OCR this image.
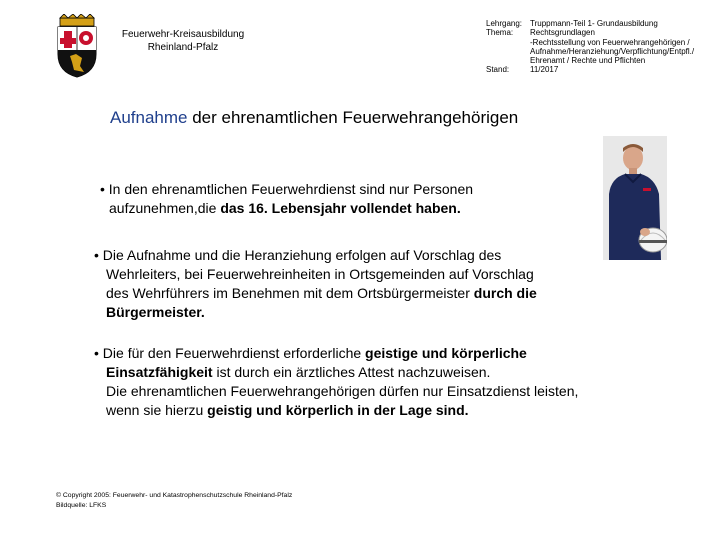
Feuerwehr-Kreisausbildung
Rheinland-Pfalz
Lehrgang: Truppmann-Teil 1- Grundausbildung
Thema:	Rechtsgrundlagen
-Rechtsstellung von Feuerwehrangehörigen /
Aufnahme/Heranziehung/Verpflichtung/Entpfl./
Ehrenamt / Rechte und Pflichten
Stand:	11/2017
Aufnahme der ehrenamtlichen Feuerwehrangehörigen
• In den ehrenamtlichen Feuerwehrdienst sind nur Personen
aufzunehmen,die das 16. Lebensjahr vollendet haben.
• Die Aufnahme und die Heranziehung erfolgen auf Vorschlag des
Wehrleiters, bei Feuerwehreinheiten in Ortsgemeinden auf Vorschlag
des Wehrführers im Benehmen mit dem Ortsbürgermeister durch die
Bürgermeister.
• Die für den Feuerwehrdienst erforderliche geistige und körperliche
Einsatzfähigkeit ist durch ein ärztliches Attest nachzuweisen.
Die ehrenamtlichen Feuerwehrangehörigen dürfen nur Einsatzdienst leisten,
wenn sie hierzu geistig und körperlich in der Lage sind.
© Copyright 2005: Feuerwehr- und Katastrophenschutzschule Rheinland-Pfalz
Bildquelle: LFKS
